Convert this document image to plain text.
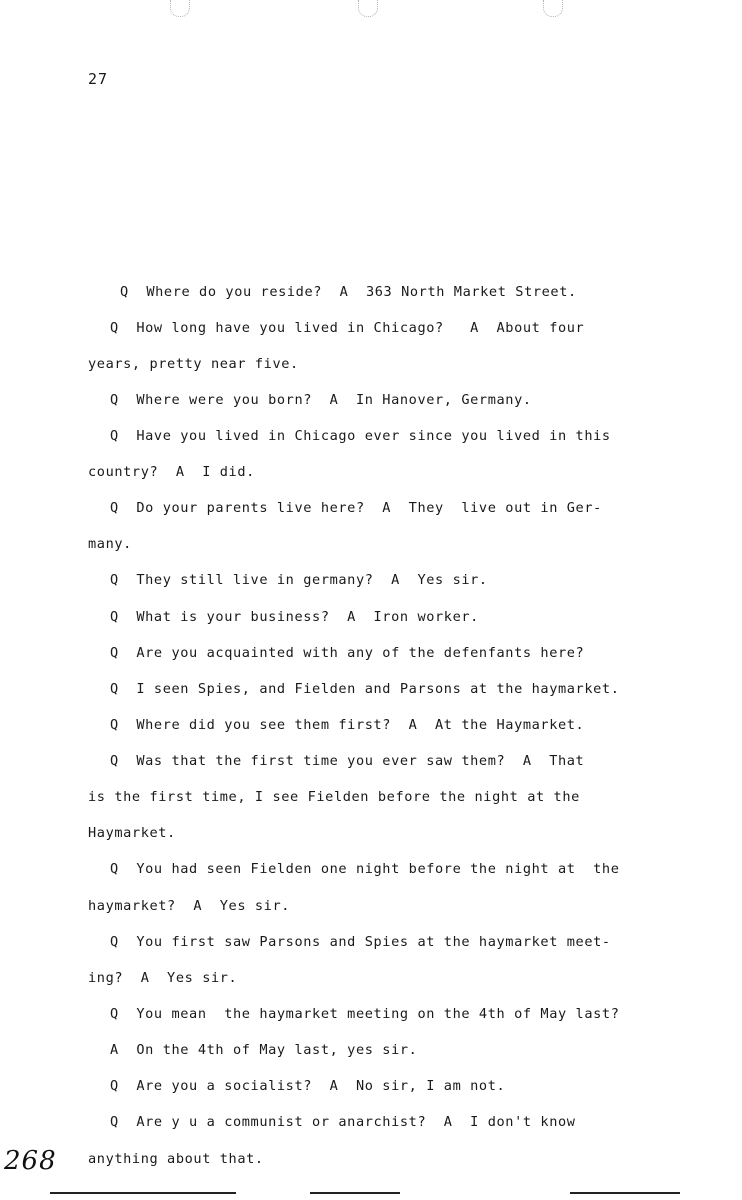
27
Q  Where do you reside?  A  363 North Market Street.
Q  How long have you lived in Chicago?   A  About four
years, pretty near five.
Q  Where were you born?  A  In Hanover, Germany.
Q  Have you lived in Chicago ever since you lived in this
country?  A  I did.
Q  Do your parents live here?  A  They  live out in Ger-
many.
Q  They still live in germany?  A  Yes sir.
Q  What is your business?  A  Iron worker.
Q  Are you acquainted with any of the defenfants here?
Q  I seen Spies, and Fielden and Parsons at the haymarket.
Q  Where did you see them first?  A  At the Haymarket.
Q  Was that the first time you ever saw them?  A  That
is the first time, I see Fielden before the night at the
Haymarket.
Q  You had seen Fielden one night before the night at  the
haymarket?  A  Yes sir.
Q  You first saw Parsons and Spies at the haymarket meet-
ing?  A  Yes sir.
Q  You mean  the haymarket meeting on the 4th of May last?
A  On the 4th of May last, yes sir.
Q  Are you a socialist?  A  No sir, I am not.
Q  Are y u a communist or anarchist?  A  I don't know
anything about that.
268
